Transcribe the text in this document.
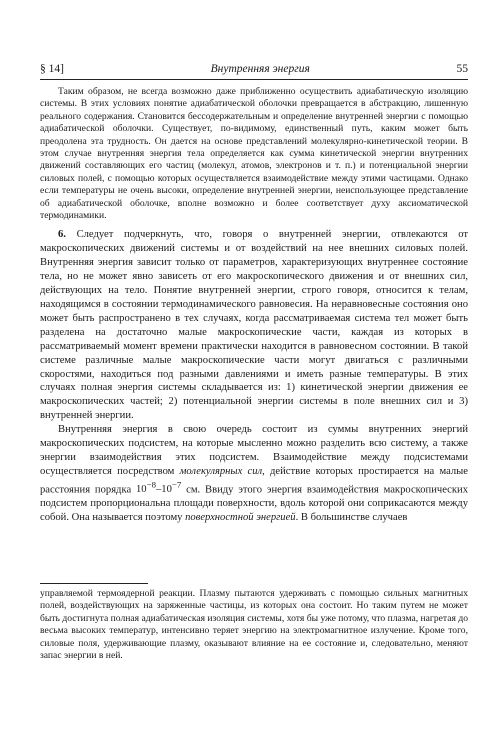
§ 14]	Внутренняя энергия	55

Таким образом, не всегда возможно даже приближенно осуществить адиабатическую изоляцию системы. В этих условиях понятие адиабатической оболочки превращается в абстракцию, лишенную реального содержания. Становится бессодержательным и определение внутренней энергии с помощью адиабатической оболочки. Существует, по-видимому, единственный путь, каким может быть преодолена эта трудность. Он дается на основе представлений молекулярно-кинетической теории. В этом случае внутренняя энергия тела определяется как сумма кинетической энергии внутренних движений составляющих его частиц (молекул, атомов, электронов и т. п.) и потенциальной энергии силовых полей, с помощью которых осуществляется взаимодействие между этими частицами. Однако если температуры не очень высоки, определение внутренней энергии, неиспользующее представление об адиабатической оболочке, вполне возможно и более соответствует духу аксиоматической термодинамики.

6. Следует подчеркнуть, что, говоря о внутренней энергии, отвлекаются от макроскопических движений системы и от воздействий на нее внешних силовых полей. Внутренняя энергия зависит только от параметров, характеризующих внутреннее состояние тела, но не может явно зависеть от его макроскопического движения и от внешних сил, действующих на тело. Понятие внутренней энергии, строго говоря, относится к телам, находящимся в состоянии термодинамического равновесия. На неравновесные состояния оно может быть распространено в тех случаях, когда рассматриваемая система тел может быть разделена на достаточно малые макроскопические части, каждая из которых в рассматриваемый момент времени практически находится в равновесном состоянии. В такой системе различные малые макроскопические части могут двигаться с различными скоростями, находиться под разными давлениями и иметь разные температуры. В этих случаях полная энергия системы складывается из: 1) кинетической энергии движения ее макроскопических частей; 2) потенциальной энергии системы в поле внешних сил и 3) внутренней энергии.

Внутренняя энергия в свою очередь состоит из суммы внутренних энергий макроскопических подсистем, на которые мысленно можно разделить всю систему, а также энергии взаимодействия этих подсистем. Взаимодействие между подсистемами осуществляется посредством молекулярных сил, действие которых простирается на малые расстояния порядка $10^{-8}-10^{-7}$ см. Ввиду этого энергия взаимодействия макроскопических подсистем пропорциональна площади поверхности, вдоль которой они соприкасаются между собой. Она называется поэтому поверхностной энергией. В большинстве случаев

управляемой термоядерной реакции. Плазму пытаются удерживать с помощью сильных магнитных полей, воздействующих на заряженные частицы, из которых она состоит. Но таким путем не может быть достигнута полная адиабатическая изоляция системы, хотя бы уже потому, что плазма, нагретая до весьма высоких температур, интенсивно теряет энергию на электромагнитное излучение. Кроме того, силовые поля, удерживающие плазму, оказывают влияние на ее состояние и, следовательно, меняют запас энергии в ней.
